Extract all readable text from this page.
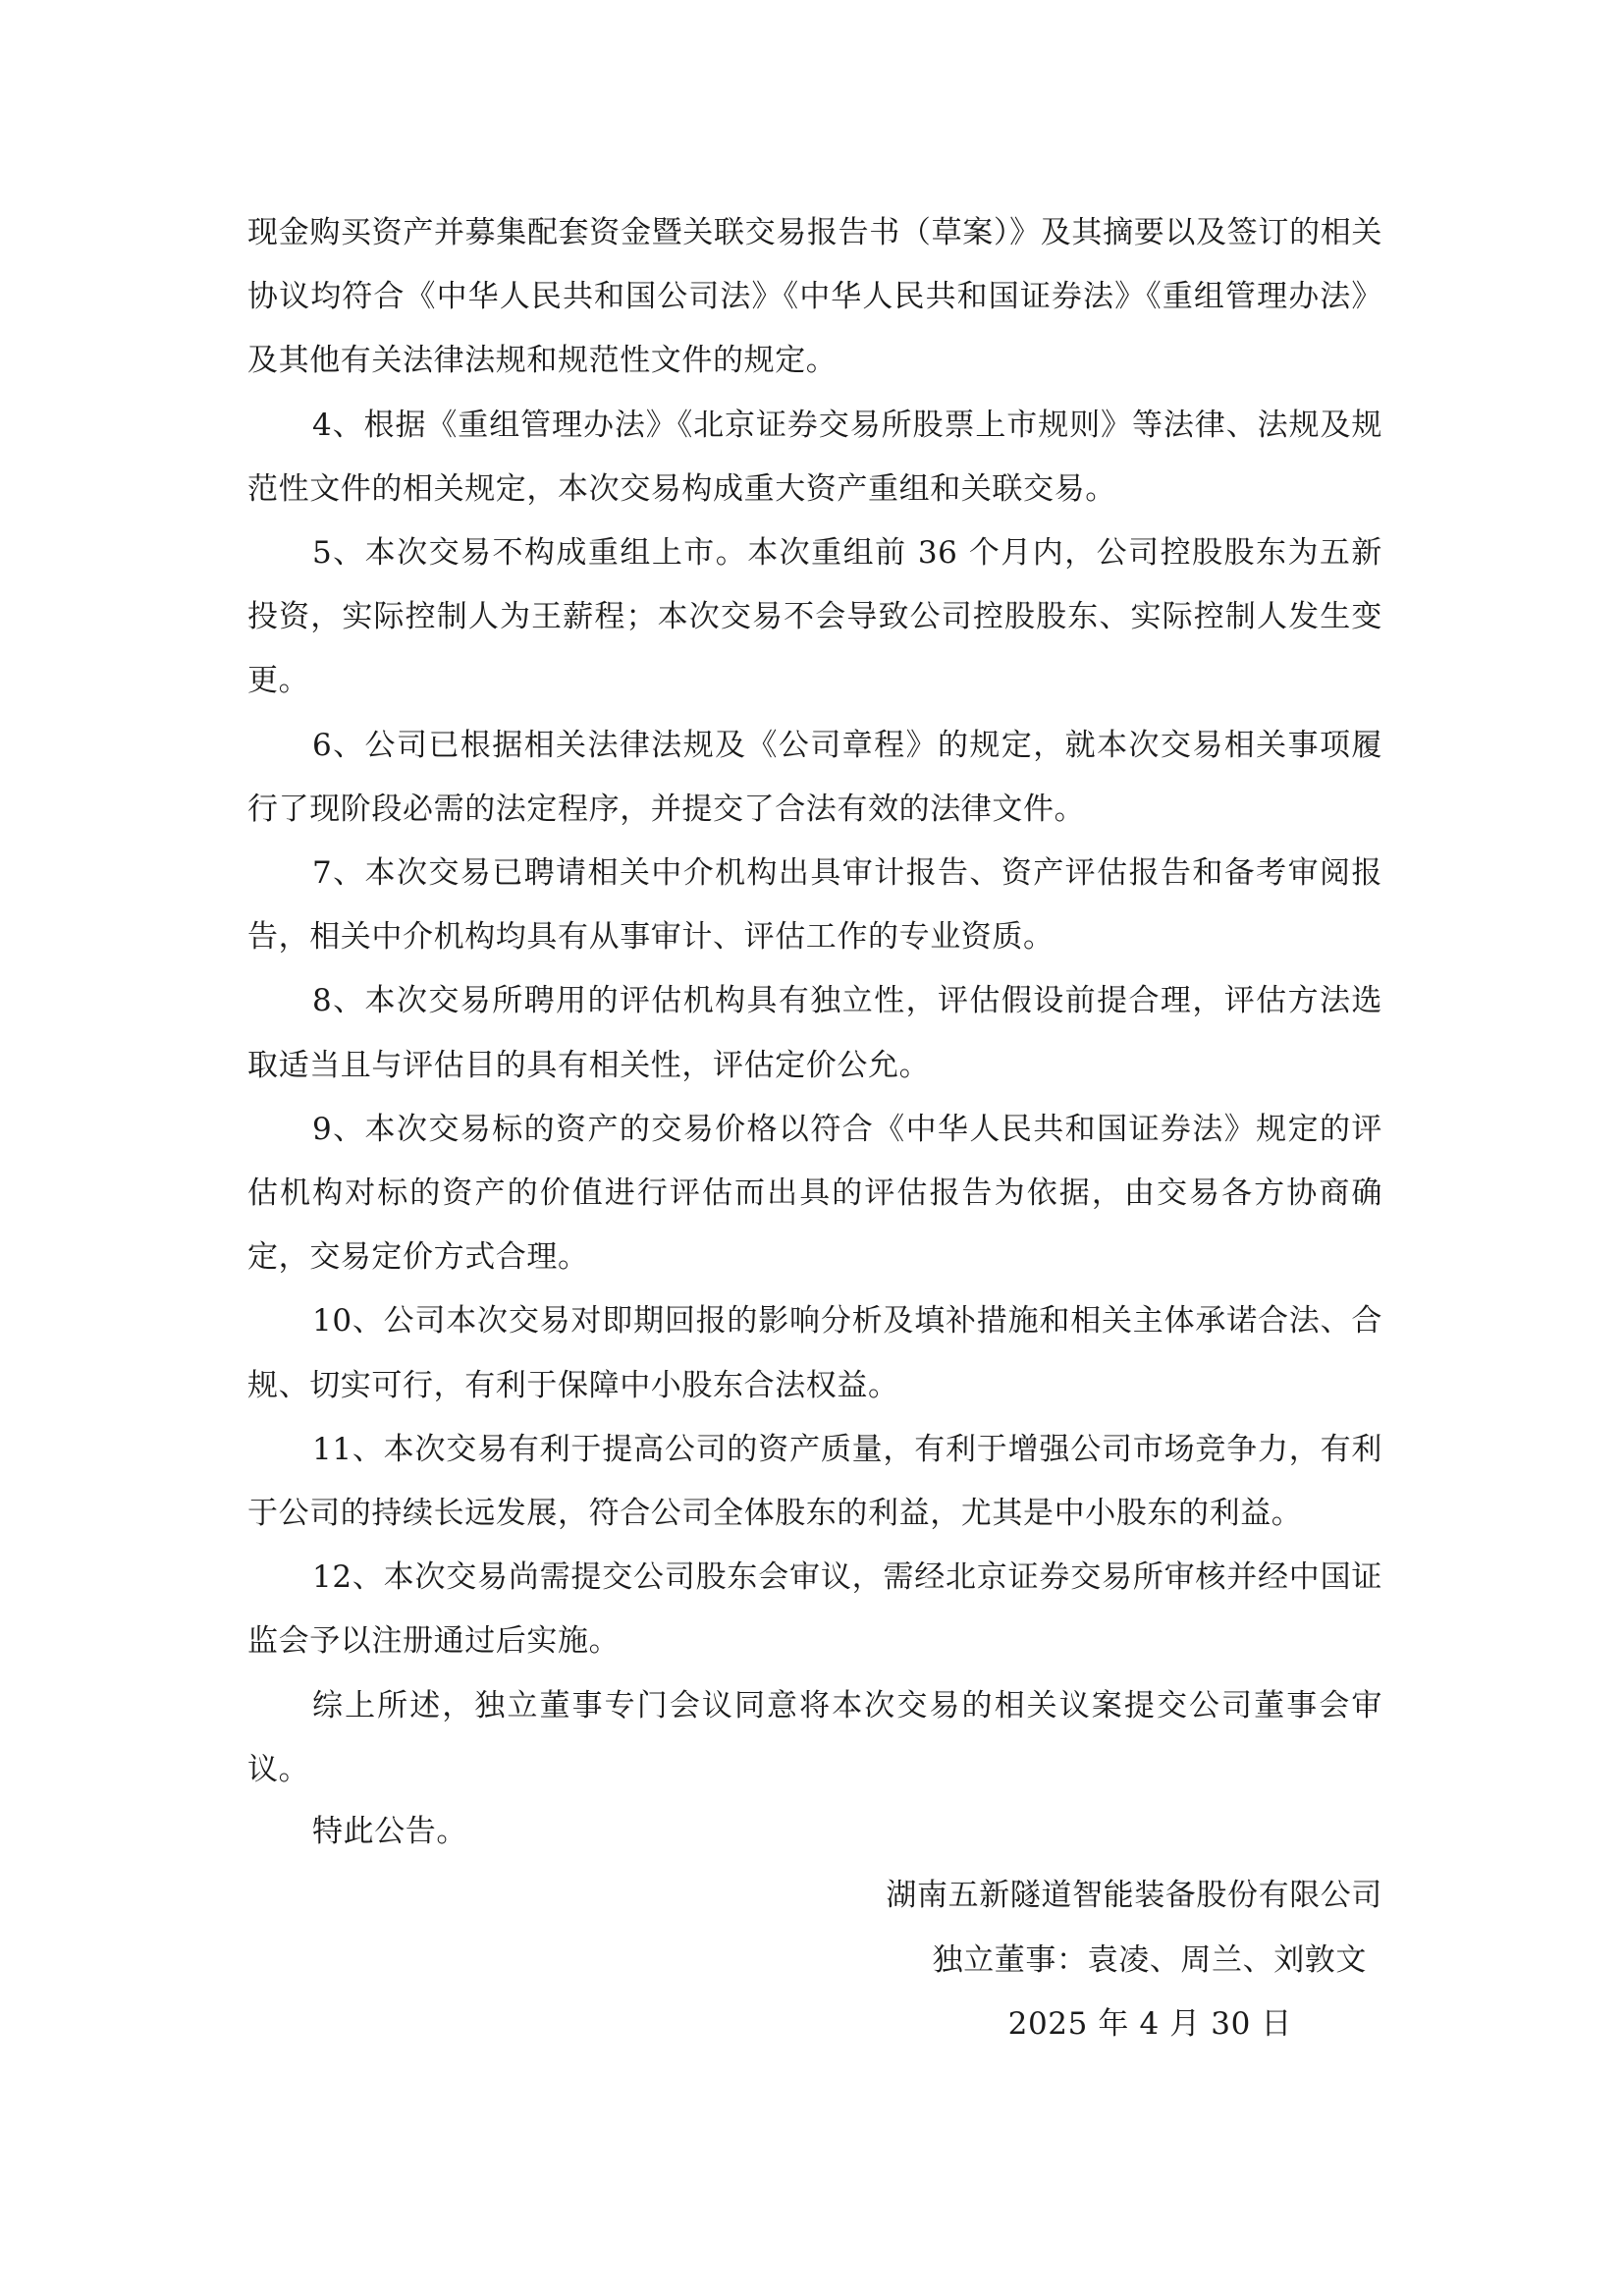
现金购买资产并募集配套资金暨关联交易报告书（草案）》及其摘要以及签订的相关协议均符合《中华人民共和国公司法》《中华人民共和国证券法》《重组管理办法》及其他有关法律法规和规范性文件的规定。

4、根据《重组管理办法》《北京证券交易所股票上市规则》等法律、法规及规范性文件的相关规定，本次交易构成重大资产重组和关联交易。

5、本次交易不构成重组上市。本次重组前 36 个月内，公司控股股东为五新投资，实际控制人为王薪程；本次交易不会导致公司控股股东、实际控制人发生变更。

6、公司已根据相关法律法规及《公司章程》的规定，就本次交易相关事项履行了现阶段必需的法定程序，并提交了合法有效的法律文件。

7、本次交易已聘请相关中介机构出具审计报告、资产评估报告和备考审阅报告，相关中介机构均具有从事审计、评估工作的专业资质。

8、本次交易所聘用的评估机构具有独立性，评估假设前提合理，评估方法选取适当且与评估目的具有相关性，评估定价公允。

9、本次交易标的资产的交易价格以符合《中华人民共和国证券法》规定的评估机构对标的资产的价值进行评估而出具的评估报告为依据，由交易各方协商确定，交易定价方式合理。

10、公司本次交易对即期回报的影响分析及填补措施和相关主体承诺合法、合规、切实可行，有利于保障中小股东合法权益。

11、本次交易有利于提高公司的资产质量，有利于增强公司市场竞争力，有利于公司的持续长远发展，符合公司全体股东的利益，尤其是中小股东的利益。

12、本次交易尚需提交公司股东会审议，需经北京证券交易所审核并经中国证监会予以注册通过后实施。

综上所述，独立董事专门会议同意将本次交易的相关议案提交公司董事会审议。

特此公告。
湖南五新隧道智能装备股份有限公司
独立董事：袁凌、周兰、刘敦文
2025 年 4 月 30 日
